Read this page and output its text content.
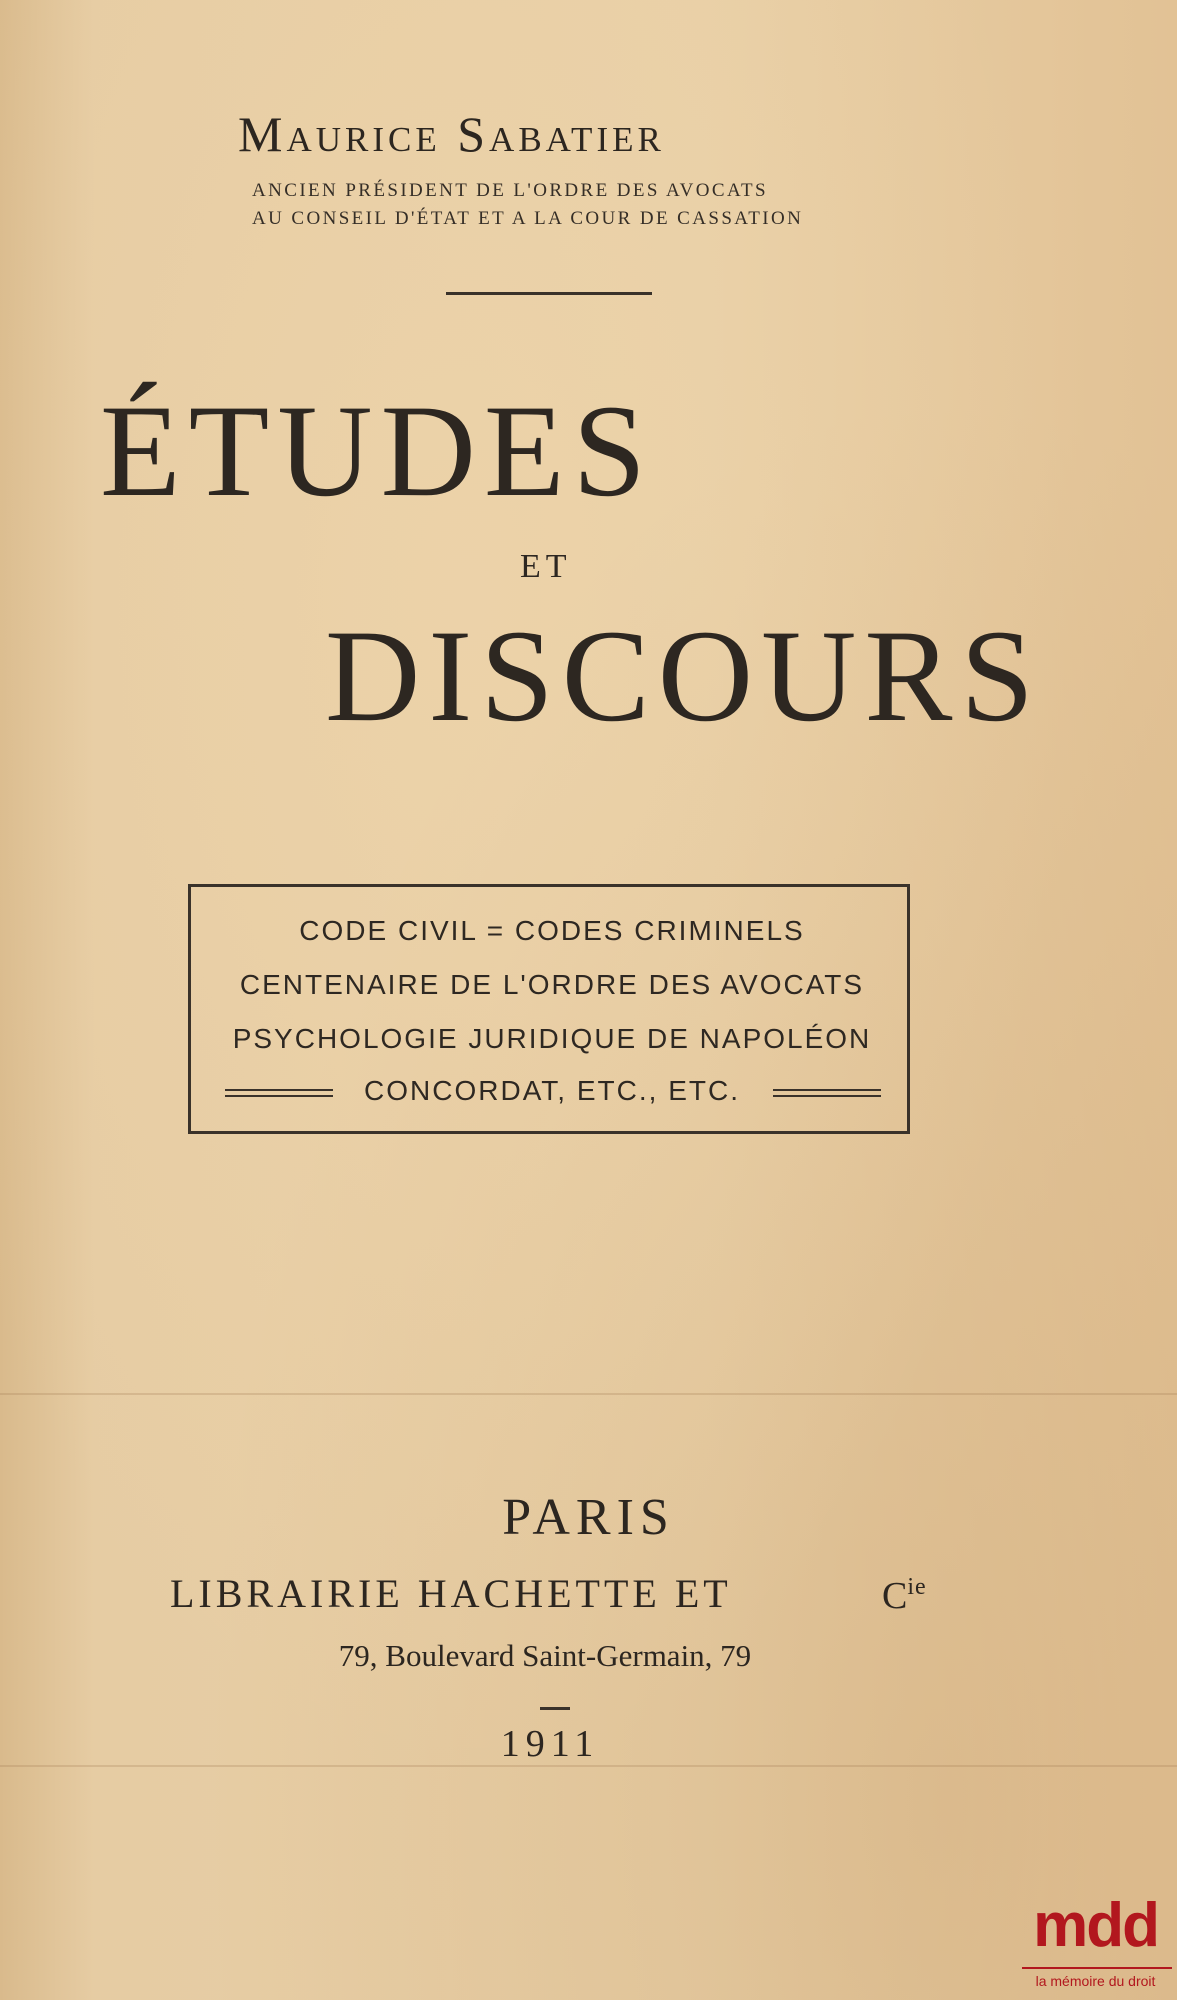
Maurice Sabatier
ANCIEN PRÉSIDENT DE L'ORDRE DES AVOCATS
AU CONSEIL D'ÉTAT ET A LA COUR DE CASSATION
ÉTUDES
ET
DISCOURS
CODE CIVIL = CODES CRIMINELS
CENTENAIRE DE L'ORDRE DES AVOCATS
PSYCHOLOGIE JURIDIQUE DE NAPOLÉON
CONCORDAT, ETC., ETC.
PARIS
LIBRAIRIE HACHETTE ET	$C^{ie}$
79, Boulevard Saint-Germain, 79
1911
mdd
la mémoire du droit
